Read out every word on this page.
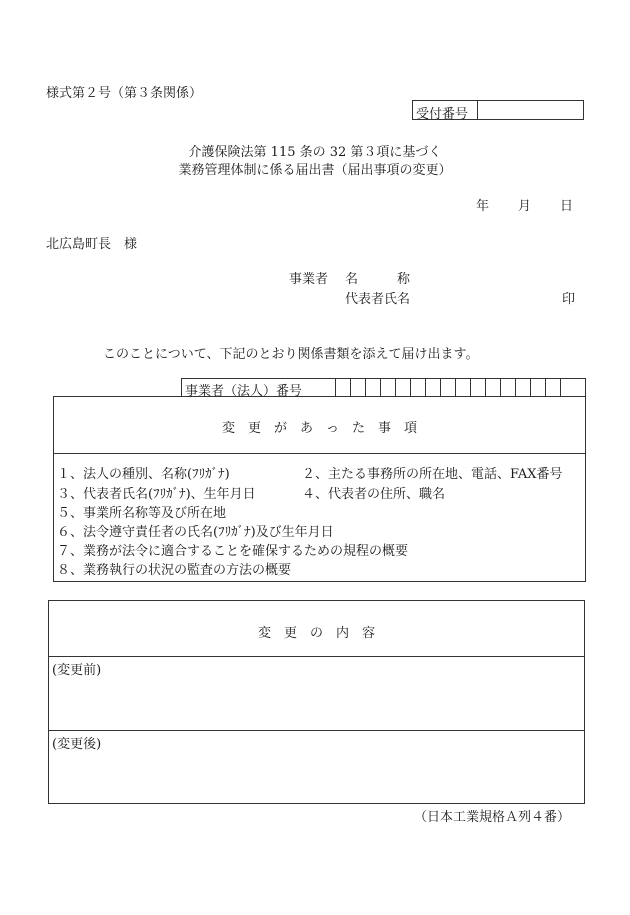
様式第２号（第３条関係）
受付番号
介護保険法第 115 条の 32 第３項に基づく
業務管理体制に係る届出書（届出事項の変更）
年 月 日
北広島町長　様
事業者 名　　　称
代表者氏名	印
このことについて、下記のとおり関係書類を添えて届け出ます。
事業者（法人）番号
変　更　が　あ　っ　た　事　項
１、法人の種別、名称(ﾌﾘｶﾞﾅ)	２、主たる事務所の所在地、電話、FAX番号
３、代表者氏名(ﾌﾘｶﾞﾅ)、生年月日	４、代表者の住所、職名
５、事業所名称等及び所在地
６、法令遵守責任者の氏名(ﾌﾘｶﾞﾅ)及び生年月日
７、業務が法令に適合することを確保するための規程の概要
８、業務執行の状況の監査の方法の概要
変　更　の　内　容
(変更前)
(変更後)
（日本工業規格Ａ列４番）
